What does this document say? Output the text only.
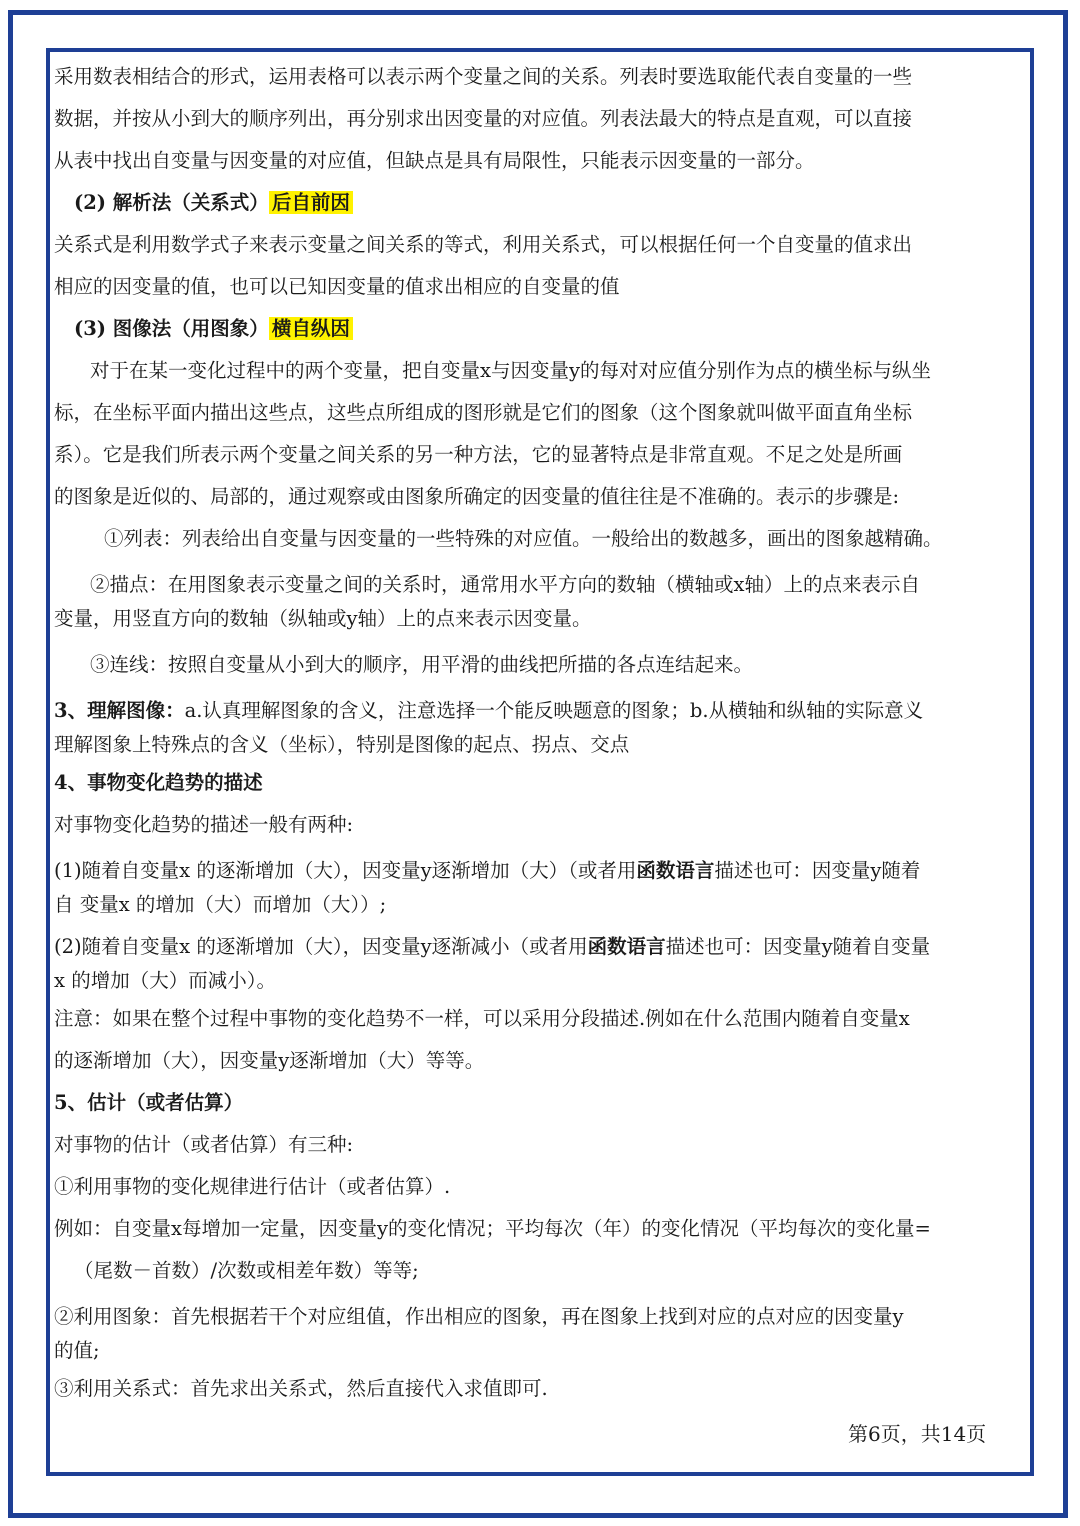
采用数表相结合的形式，运用表格可以表示两个变量之间的关系。列表时要选取能代表自变量的一些

数据，并按从小到大的顺序列出，再分别求出因变量的对应值。列表法最大的特点是直观，可以直接

从表中找出自变量与因变量的对应值，但缺点是具有局限性，只能表示因变量的一部分。

(2) 解析法（关系式） 后自前因

关系式是利用数学式子来表示变量之间关系的等式，利用关系式，可以根据任何一个自变量的值求出

相应的因变量的值，也可以已知因变量的值求出相应的自变量的值

(3) 图像法（用图象） 横自纵因

对于在某一变化过程中的两个变量，把自变量x与因变量y的每对对应值分别作为点的横坐标与纵坐

标，在坐标平面内描出这些点，这些点所组成的图形就是它们的图象（这个图象就叫做平面直角坐标

系）。它是我们所表示两个变量之间关系的另一种方法，它的显著特点是非常直观。不足之处是所画

的图象是近似的、局部的，通过观察或由图象所确定的因变量的值往往是不准确的。表示的步骤是:

①列表：列表给出自变量与因变量的一些特殊的对应值。一般给出的数越多，画出的图象越精确。

②描点：在用图象表示变量之间的关系时，通常用水平方向的数轴（横轴或x轴）上的点来表示自

变量，用竖直方向的数轴（纵轴或y轴）上的点来表示因变量。

③连线：按照自变量从小到大的顺序，用平滑的曲线把所描的各点连结起来。

3、理解图像：a.认真理解图象的含义，注意选择一个能反映题意的图象；b.从横轴和纵轴的实际意义

理解图象上特殊点的含义（坐标），特别是图像的起点、拐点、交点

4、事物变化趋势的描述

对事物变化趋势的描述一般有两种:

(1)随着自变量x 的逐渐增加（大），因变量y逐渐增加（大）（或者用函数语言描述也可：因变量y随着

自 变量x 的增加（大）而增加（大））;

(2)随着自变量x 的逐渐增加（大），因变量y逐渐减小（或者用函数语言描述也可：因变量y随着自变量

x 的增加（大）而减小）。

注意：如果在整个过程中事物的变化趋势不一样，可以采用分段描述.例如在什么范围内随着自变量x

的逐渐增加（大），因变量y逐渐增加（大）等等。

5、估计（或者估算）

对事物的估计（或者估算）有三种:

①利用事物的变化规律进行估计（或者估算）.

例如：自变量x每增加一定量，因变量y的变化情况；平均每次（年）的变化情况（平均每次的变化量=

（尾数－首数）/次数或相差年数）等等;

②利用图象：首先根据若干个对应组值，作出相应的图象，再在图象上找到对应的点对应的因变量y

的值;

③利用关系式：首先求出关系式，然后直接代入求值即可.

第6页，共14页
